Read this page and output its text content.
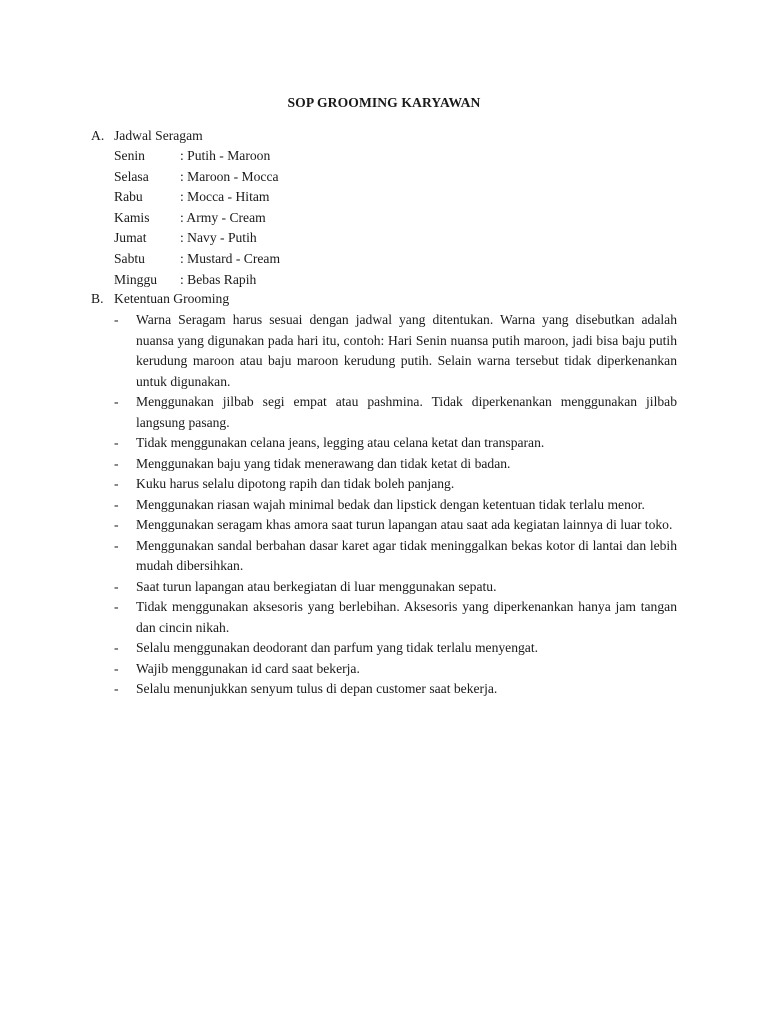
SOP GROOMING KARYAWAN
A. Jadwal Seragam
Senin	: Putih - Maroon
Selasa : Maroon - Mocca
Rabu	: Mocca - Hitam
Kamis : Army - Cream
Jumat : Navy - Putih
Sabtu	: Mustard - Cream
Minggu : Bebas Rapih
B. Ketentuan Grooming
-	Warna Seragam harus sesuai dengan jadwal yang ditentukan. Warna yang disebutkan adalah nuansa yang digunakan pada hari itu, contoh: Hari Senin nuansa putih maroon, jadi bisa baju putih kerudung maroon atau baju maroon kerudung putih. Selain warna tersebut tidak diperkenankan untuk digunakan.
-	Menggunakan jilbab segi empat atau pashmina. Tidak diperkenankan menggunakan jilbab langsung pasang.
-	Tidak menggunakan celana jeans, legging atau celana ketat dan transparan.
-	Menggunakan baju yang tidak menerawang dan tidak ketat di badan.
-	Kuku harus selalu dipotong rapih dan tidak boleh panjang.
-	Menggunakan riasan wajah minimal bedak dan lipstick dengan ketentuan tidak terlalu menor.
-	Menggunakan seragam khas amora saat turun lapangan atau saat ada kegiatan lainnya di luar toko.
-	Menggunakan sandal berbahan dasar karet agar tidak meninggalkan bekas kotor di lantai dan lebih mudah dibersihkan.
-	Saat turun lapangan atau berkegiatan di luar menggunakan sepatu.
-	Tidak menggunakan aksesoris yang berlebihan. Aksesoris yang diperkenankan hanya jam tangan dan cincin nikah.
-	Selalu menggunakan deodorant dan parfum yang tidak terlalu menyengat.
-	Wajib menggunakan id card saat bekerja.
-	Selalu menunjukkan senyum tulus di depan customer saat bekerja.
